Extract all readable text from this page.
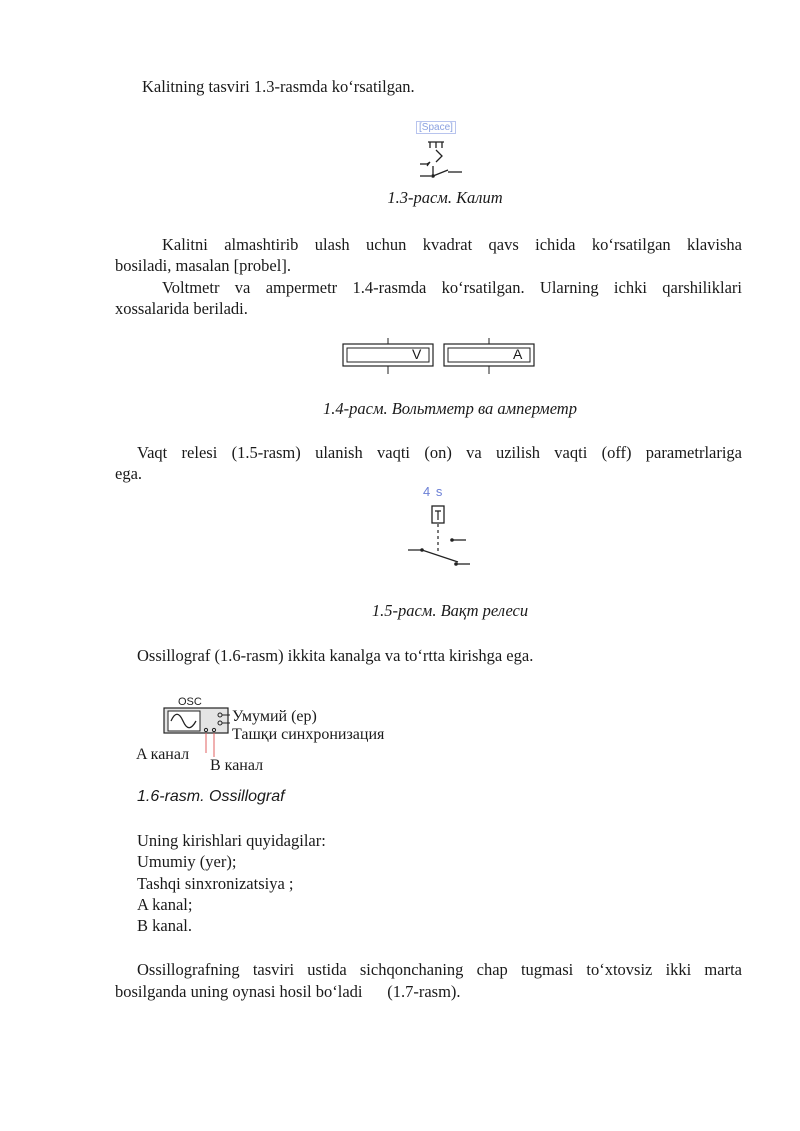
Kalitning tasviri 1.3-rasmda ko‘rsatilgan.
[Space]
1.3-расм. Калит
Kalitni almashtirib ulash uchun kvadrat qavs ichida ko‘rsatilgan klavisha
bosiladi, masalan [probel].
Voltmetr va ampermetr 1.4-rasmda ko‘rsatilgan. Ularning ichki qarshiliklari
xossalarida beriladi.
V	A
1.4-расм. Вольтметр ва амперметр
Vaqt relesi (1.5-rasm) ulanish vaqti (on) va uzilish vaqti (off) parametrlariga
ega.
4 s
1.5-расм. Вақт релеси
Ossillograf (1.6-rasm) ikkita kanalga va to‘rtta kirishga ega.
OSC
Умумий (ер)
Ташқи синхронизация
A канал
B канал
1.6-rasm. Ossillograf
Uning kirishlari quyidagilar:
Umumiy (yer);
Tashqi sinxronizatsiya ;
A kanal;
B kanal.
Ossillografning tasviri ustida sichqonchaning chap tugmasi to‘xtovsiz ikki marta
bosilganda uning oynasi hosil bo‘ladi      (1.7-rasm).
